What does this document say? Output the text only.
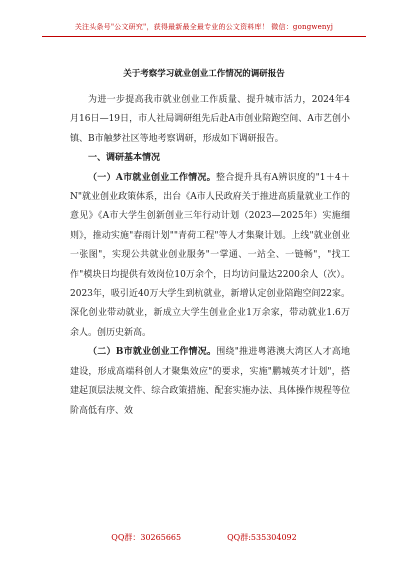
关注头条号"公文研究"，获得最新最全最专业的公文资料库！ 微信：gongwenyj
关于考察学习就业创业工作情况的调研报告

为进一步提高我市就业创业工作质量、提升城市活力，2024年4月16日—19日，市人社局调研组先后赴A市创业陪跑空间、A市艺创小镇、B市触梦社区等地考察调研，形成如下调研报告。

一、调研基本情况

（一）A市就业创业工作情况。整合提升具有A辨识度的"1＋4＋N"就业创业政策体系，出台《A市人民政府关于推进高质量就业工作的意见》《A市大学生创新创业三年行动计划（2023—2025年）实施细则》，推动实施"春雨计划""青荷工程"等人才集聚计划。上线"就业创业一张图"，实现公共就业创业服务"一掌通、一站全、一链畅"，"找工作"模块日均提供有效岗位10万余个，日均访问量达2200余人（次）。2023年，吸引近40万大学生到杭就业，新增认定创业陪跑空间22家。深化创业带动就业，新成立大学生创业企业1万余家，带动就业1.6万余人。创历史新高。

（二）B市就业创业工作情况。围绕"推进粤港澳大湾区人才高地建设，形成高端科创人才聚集效应"的要求，实施"鹏城英才计划"，搭建起顶层法规文件、综合政策措施、配套实施办法、具体操作规程等位阶高低有序、效

QQ群：30265665	QQ群:535304092
